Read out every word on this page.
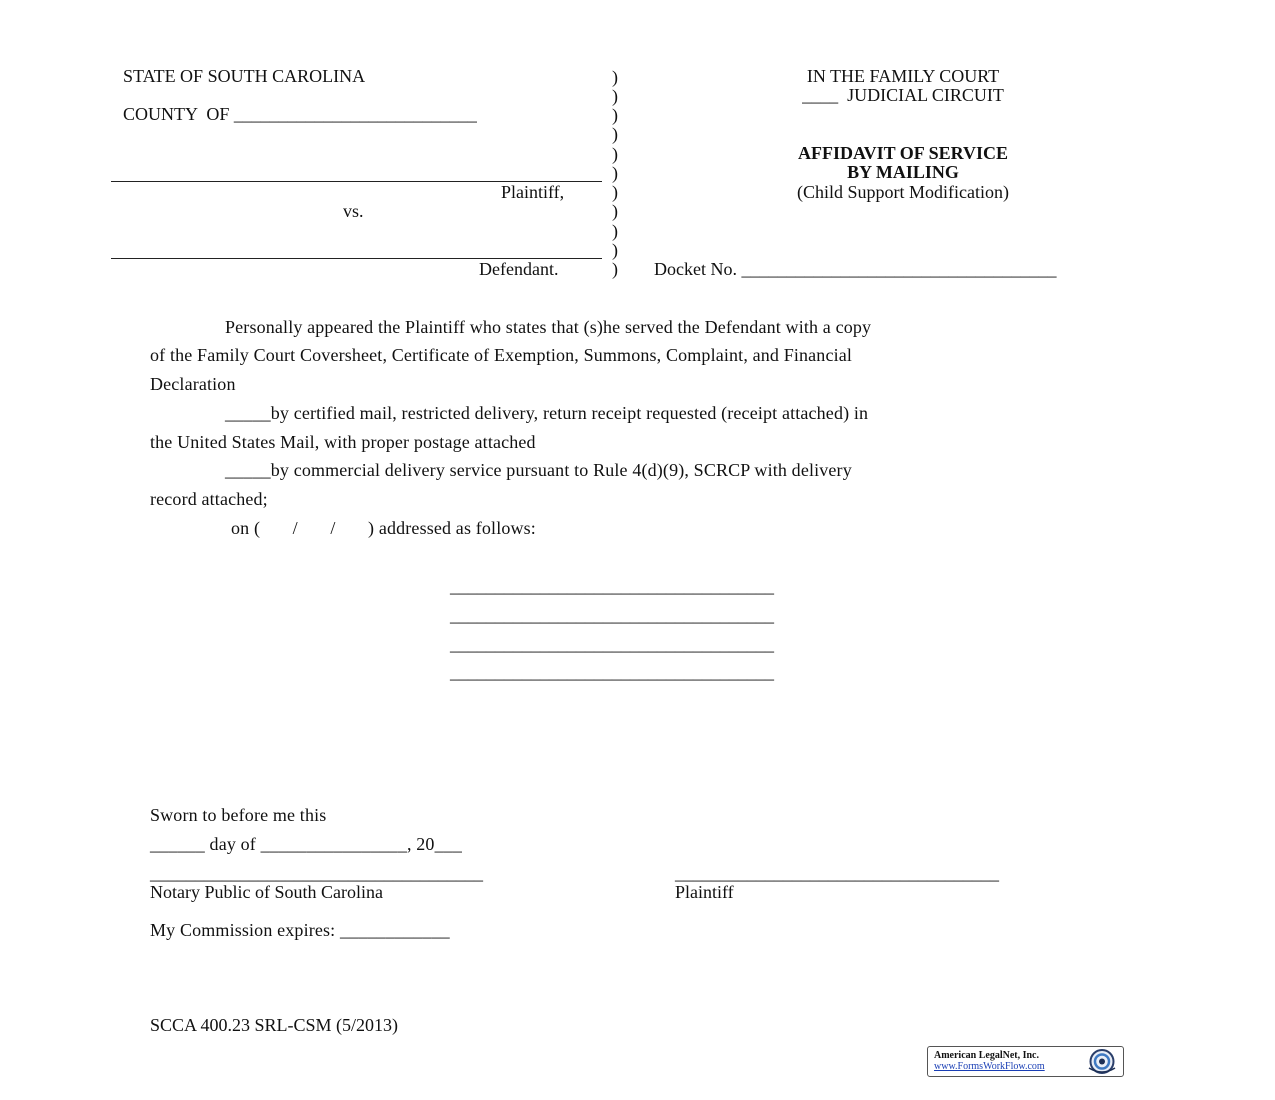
STATE OF SOUTH CAROLINA
COUNTY  OF ___________________________
Plaintiff,
vs.
Defendant.
)
)
)
)
)
)
)
)
)
)
)
IN THE FAMILY COURT
____  JUDICIAL CIRCUIT
AFFIDAVIT OF SERVICE
BY MAILING
(Child Support Modification)
Docket No. ___________________________________
Personally appeared the Plaintiff who states that (s)he served the Defendant with a copy
of the Family Court Coversheet, Certificate of Exemption, Summons, Complaint, and Financial
Declaration
_____by certified mail, restricted delivery, return receipt requested (receipt attached) in
the United States Mail, with proper postage attached
_____by commercial delivery service pursuant to Rule 4(d)(9), SCRCP with delivery
record attached;
on (       /       /       ) addressed as follows:
____________________________________
____________________________________
____________________________________
____________________________________
Sworn to before me this
______ day of ________________, 20___
_____________________________________
Notary Public of South Carolina
____________________________________
Plaintiff
My Commission expires: ____________
SCCA 400.23 SRL-CSM (5/2013)
American LegalNet, Inc.
www.FormsWorkFlow.com
